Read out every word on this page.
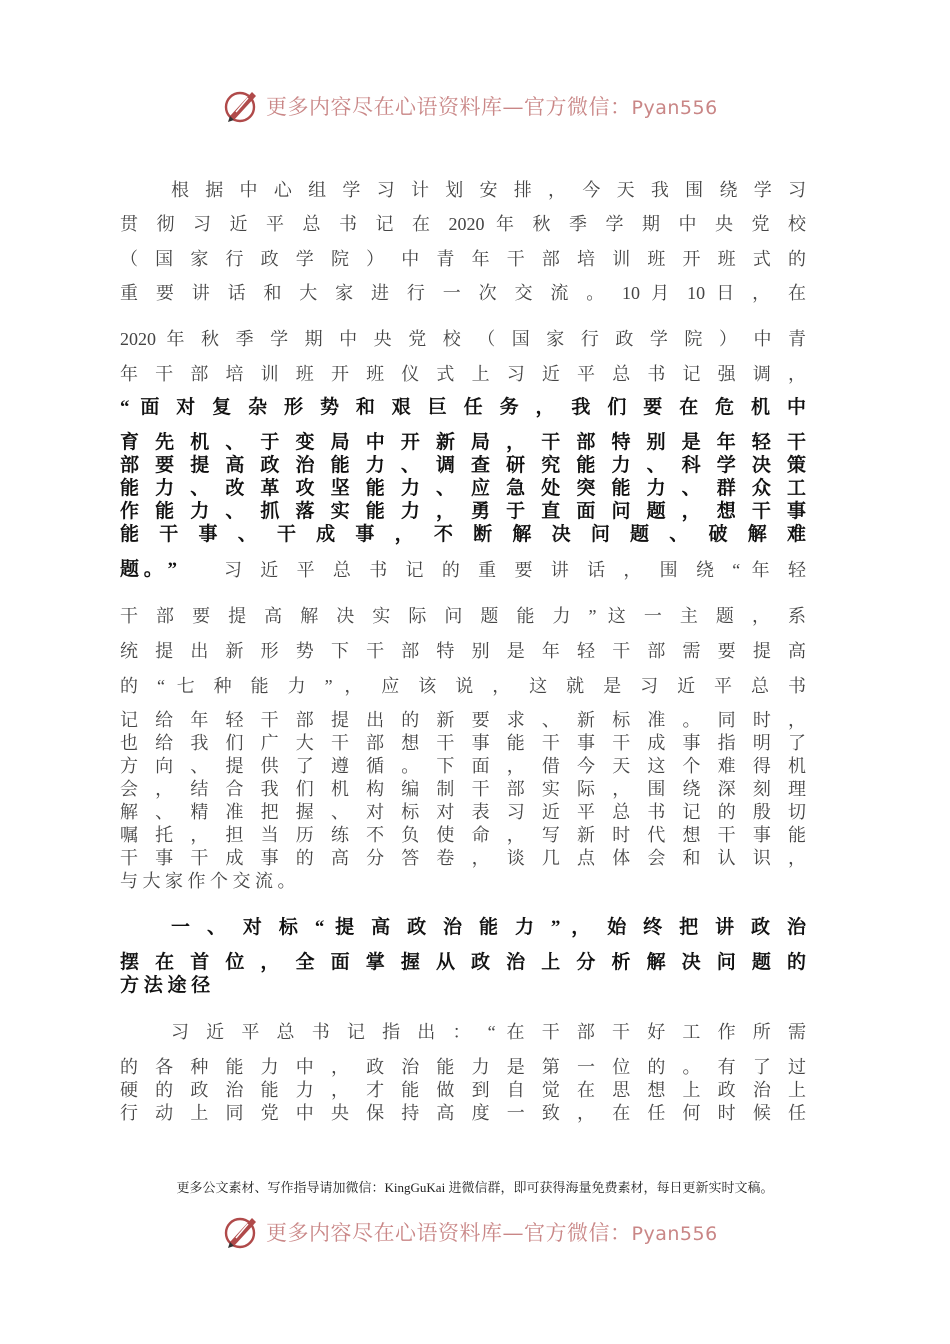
更多内容尽在心语资料库—官方微信：Pyan556
根 据 中 心 组 学 习 计 划 安 排 ， 今 天 我 围 绕 学 习
贯 彻 习 近 平 总 书 记 在 2020 年 秋 季 学 期 中 央 党 校
（ 国 家 行 政 学 院 ） 中 青 年 干 部 培 训 班 开 班 式 的
重 要 讲 话 和 大 家 进 行 一 次 交 流 。 10 月 10 日 ， 在
2020 年 秋 季 学 期 中 央 党 校 （ 国 家 行 政 学 院 ） 中 青
年 干 部 培 训 班 开 班 仪 式 上 习 近 平 总 书 记 强 调 ，
“ 面 对 复 杂 形 势 和 艰 巨 任 务 ， 我 们 要 在 危 机 中
育 先 机 、 于 变 局 中 开 新 局 ， 干 部 特 别 是 年 轻 干
部 要 提 高 政 治 能 力 、 调 查 研 究 能 力 、 科 学 决 策
能 力 、 改 革 攻 坚 能 力 、 应 急 处 突 能 力 、 群 众 工
作 能 力 、 抓 落 实 能 力 ， 勇 于 直 面 问 题 ， 想 干 事
能 干 事 、 干 成 事 ， 不 断 解 决 问 题 、 破 解 难
题 。 ”	习 近 平 总 书 记 的 重 要 讲 话 ， 围 绕 “ 年 轻
干 部 要 提 高 解 决 实 际 问 题 能 力 ” 这 一 主 题 ， 系
统 提 出 新 形 势 下 干 部 特 别 是 年 轻 干 部 需 要 提 高
的 “ 七 种 能 力 ” ， 应 该 说 ， 这 就 是 习 近 平 总 书
记 给 年 轻 干 部 提 出 的 新 要 求 、 新 标 准 。 同 时 ，
也 给 我 们 广 大 干 部 想 干 事 能 干 事 干 成 事 指 明 了
方 向 、 提 供 了 遵 循 。 下 面 ， 借 今 天 这 个 难 得 机
会 ， 结 合 我 们 机 构 编 制 干 部 实 际 ， 围 绕 深 刻 理
解 、 精 准 把 握 、 对 标 对 表 习 近 平 总 书 记 的 殷 切
嘱 托 ， 担 当 历 练 不 负 使 命 ， 写 新 时 代 想 干 事 能
干 事 干 成 事 的 高 分 答 卷 ， 谈 几 点 体 会 和 认 识 ，
与 大 家 作 个 交 流 。
一 、 对 标 “ 提 高 政 治 能 力 ” ， 始 终 把 讲 政 治
摆 在 首 位 ， 全 面 掌 握 从 政 治 上 分 析 解 决 问 题 的
方 法 途 径
习 近 平 总 书 记 指 出 ： “ 在 干 部 干 好 工 作 所 需
的 各 种 能 力 中 ， 政 治 能 力 是 第 一 位 的 。 有 了 过
硬 的 政 治 能 力 ， 才 能 做 到 自 觉 在 思 想 上 政 治 上
行 动 上 同 党 中 央 保 持 高 度 一 致 ， 在 任 何 时 候 任
更多公文素材、写作指导请加微信：KingGuKai 进微信群，即可获得海量免费素材，每日更新实时文稿。
更多内容尽在心语资料库—官方微信：Pyan556
